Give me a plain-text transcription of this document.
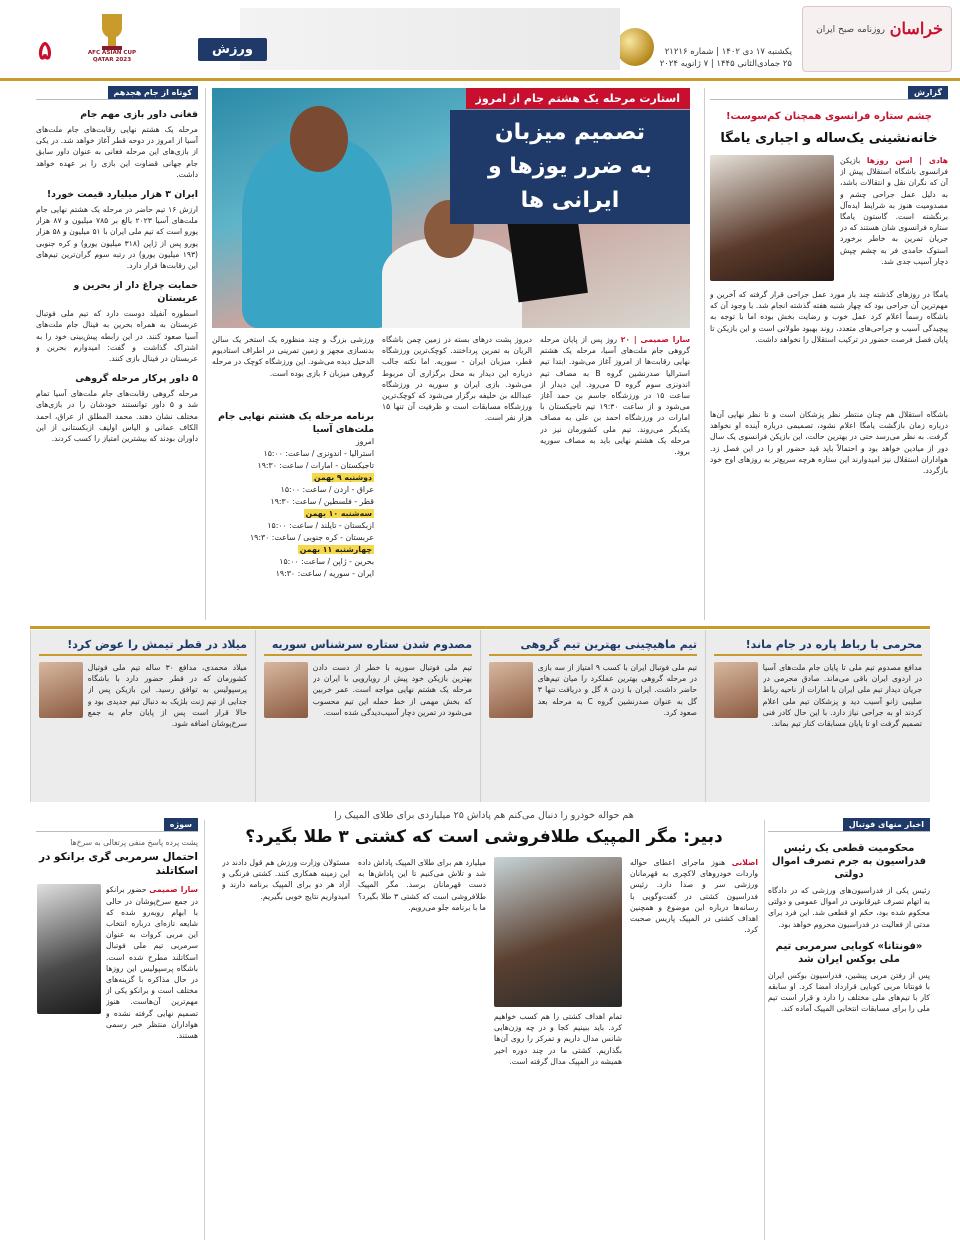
خراسان
روزنامه صبح ایران
یکشنبه ۱۷ دی ۱۴۰۲ | شماره ۲۱۲۱۶
۲۵ جمادی‌الثانی ۱۴۴۵ | ۷ ژانویه ۲۰۲۴
ورزش
AFC ASIAN CUP QATAR 2023
۵
گزارش
چشم ستاره فرانسوی همچنان کم‌سوست!
خانه‌نشینی یک‌ساله و اجباری یامگا
هادی | اسن روزها بازیکن فرانسوی باشگاه استقلال پیش از آن که نگران نقل و انتقالات باشد، به دلیل عمل جراحی چشم و مصدومیت هنوز به شرایط ایده‌آل برنگشته است. گاستون یامگا ستاره فرانسوی شان هستند که در جریان تمرین به خاطر برخورد استوک حامدی فر به چشم چپش دچار آسیب جدی شد.
یامگا در روزهای گذشته چند بار مورد عمل جراحی قرار گرفته که آخرین و مهم‌ترین آن جراحی بود که چهار شنبه هفته گذشته انجام شد. با وجود آن که باشگاه رسماً اعلام کرد عمل خوب و رضایت بخش بوده اما با توجه به پیچیدگی آسیب و جراحی‌های متعدد، روند بهبود طولانی است و این بازیکن تا پایان فصل فرصت حضور در ترکیب استقلال را نخواهد داشت.
باشگاه استقلال هم چنان منتظر نظر پزشکان است و تا نظر نهایی آن‌ها درباره زمان بازگشت یامگا اعلام نشود، تصمیمی درباره آینده او نخواهد گرفت. به نظر می‌رسد حتی در بهترین حالت، این بازیکن فرانسوی یک سال دور از میادین خواهد بود و احتمالاً باید قید حضور او را در این فصل زد. هواداران استقلال نیز امیدوارند این ستاره هرچه سریع‌تر به روزهای اوج خود بازگردد.
استارت مرحله یک هشتم جام از امروز
تصمیم میزبان
به ضرر یوزها و ایرانی ها
سارا صمیمی | ۲۰ روز پس از پایان مرحله گروهی جام ملت‌های آسیا، مرحله یک هشتم نهایی رقابت‌ها از امروز آغاز می‌شود. ابتدا تیم استرالیا صدرنشین گروه B به مصاف تیم اندونزی سوم گروه D می‌رود. این دیدار از ساعت ۱۵ در ورزشگاه جاسم بن حمد آغاز می‌شود و از ساعت ۱۹:۳۰ تیم تاجیکستان با امارات در ورزشگاه احمد بن علی به مصاف یکدیگر می‌روند. تیم ملی کشورمان نیز در مرحله یک هشتم نهایی باید به مصاف سوریه برود.
دیروز پشت درهای بسته در زمین چمن باشگاه الریان به تمرین پرداختند. کوچک‌ترین ورزشگاه قطر، میزبان ایران - سوریه. اما نکته جالب درباره این دیدار به محل برگزاری آن مربوط می‌شود. بازی ایران و سوریه در ورزشگاه عبدالله بن خلیفه برگزار می‌شود که کوچک‌ترین ورزشگاه مسابقات است و ظرفیت آن تنها ۱۵ هزار نفر است.
ورزشی بزرگ و چند منظوره یک استخر یک سالن بدنسازی مجهز و زمین تمرینی در اطراف استادیوم الدحیل دیده می‌شود. این ورزشگاه کوچک در مرحله گروهی میزبان ۶ بازی بوده است.
برنامه مرحله یک هشتم نهایی جام ملت‌های آسیا
امروز
استرالیا - اندونزی / ساعت: ۱۵:۰۰
تاجیکستان - امارات / ساعت: ۱۹:۳۰
دوشنبه ۹ بهمن
عراق - اردن / ساعت: ۱۵:۰۰
قطر - فلسطین / ساعت: ۱۹:۳۰
سه‌شنبه ۱۰ بهمن
ازبکستان - تایلند / ساعت: ۱۵:۰۰
عربستان - کره جنوبی / ساعت: ۱۹:۳۰
چهارشنبه ۱۱ بهمن
بحرین - ژاپن / ساعت: ۱۵:۰۰
ایران - سوریه / ساعت: ۱۹:۳۰
کوتاه از جام هجدهم
فغانی داور بازی مهم جام
مرحله یک هشتم نهایی رقابت‌های جام ملت‌های آسیا از امروز در دوحه قطر آغاز خواهد شد. در یکی از بازی‌های این مرحله فغانی به عنوان داور سابق جام جهانی قضاوت این بازی را بر عهده خواهد داشت.
ایران ۳ هزار میلیارد قیمت خورد!
ارزش ۱۶ تیم حاضر در مرحله یک هشتم نهایی جام ملت‌های آسیا ۲۰۲۳ بالغ بر ۷۸۵ میلیون و ۸۷ هزار یورو است که تیم ملی ایران با ۵۱ میلیون و ۵۸ هزار یورو پس از ژاپن (۳۱۸ میلیون یورو) و کره جنوبی (۱۹۳ میلیون یورو) در رتبه سوم گران‌ترین تیم‌های این رقابت‌ها قرار دارد.
حمایت چراغ دار از بحرین و عربستان
اسطوره آنفیلد دوست دارد که تیم ملی فوتبال عربستان به همراه بحرین به فینال جام ملت‌های آسیا صعود کنند. در این رابطه پیش‌بینی خود را به اشتراک گذاشت و گفت: امیدوارم بحرین و عربستان در فینال بازی کنند.
۵ داور پرکار مرحله گروهی
مرحله گروهی رقابت‌های جام ملت‌های آسیا تمام شد و ۵ داور توانستند خودشان را در بازی‌های مختلف نشان دهند. محمد المطلق از عراق، احمد الکاف عمانی و الیاس اولیف ازبکستانی از این داوران بودند که بیشترین امتیاز را کسب کردند.
محرمی با رباط پاره در جام ماند!
مدافع مصدوم تیم ملی تا پایان جام ملت‌های آسیا در اردوی ایران باقی می‌ماند. صادق محرمی در جریان دیدار تیم ملی ایران با امارات از ناحیه رباط صلیبی زانو آسیب دید و پزشکان تیم ملی اعلام کردند او به جراحی نیاز دارد. با این حال کادر فنی تصمیم گرفت او تا پایان مسابقات کنار تیم بماند.
تیم ماهیچینی بهترین تیم گروهی
تیم ملی فوتبال ایران با کسب ۹ امتیاز از سه بازی در مرحله گروهی بهترین عملکرد را میان تیم‌های حاضر داشت. ایران با زدن ۸ گل و دریافت تنها ۳ گل به عنوان صدرنشین گروه C به مرحله بعد صعود کرد.
مصدوم شدن ستاره سرشناس سوریه
تیم ملی فوتبال سوریه با خطر از دست دادن بهترین بازیکن خود پیش از رویارویی با ایران در مرحله یک هشتم نهایی مواجه است. عمر خربین که بخش مهمی از خط حمله این تیم محسوب می‌شود در تمرین دچار آسیب‌دیدگی شده است.
میلاد در قطر تیمش را عوض کرد!
میلاد محمدی، مدافع ۳۰ ساله تیم ملی فوتبال کشورمان که در قطر حضور دارد با باشگاه پرسپولیس به توافق رسید. این بازیکن پس از جدایی از تیم ژنت بلژیک به دنبال تیم جدیدی بود و حالا قرار است پس از پایان جام به جمع سرخ‌پوشان اضافه شود.
اخبار منهای فوتبال
محکومیت قطعی یک رئیس فدراسیون به جرم تصرف اموال دولتی
رئیس یکی از فدراسیون‌های ورزشی که در دادگاه به اتهام تصرف غیرقانونی در اموال عمومی و دولتی محکوم شده بود، حکم او قطعی شد. این فرد برای مدتی از فعالیت در فدراسیون محروم خواهد بود.
«فونتانا» کوبایی سرمربی تیم ملی بوکس ایران شد
پس از رفتن مربی پیشین، فدراسیون بوکس ایران با فونتانا مربی کوبایی قرارداد امضا کرد. او سابقه کار با تیم‌های ملی مختلف را دارد و قرار است تیم ملی را برای مسابقات انتخابی المپیک آماده کند.
هم حواله خودرو را دنبال می‌کنم هم پاداش ۲۵ میلیاردی برای طلای المپیک را
دبیر: مگر المپیک طلافروشی است که کشتی ۳ طلا بگیرد؟
اصلانی هنوز ماجرای اعطای حواله واردات خودروهای لاکچری به قهرمانان ورزشی سر و صدا دارد. رئیس فدراسیون کشتی در گفت‌وگویی با رسانه‌ها درباره این موضوع و همچنین اهداف کشتی در المپیک پاریس صحبت کرد.
تمام اهداف کشتی را هم کسب خواهیم کرد. باید ببینیم کجا و در چه وزن‌هایی شانس مدال داریم و تمرکز را روی آن‌ها بگذاریم. کشتی ما در چند دوره اخیر همیشه در المپیک مدال گرفته است.
میلیارد هم برای طلای المپیک پاداش داده شد و تلاش می‌کنیم تا این پاداش‌ها به دست قهرمانان برسد. مگر المپیک طلافروشی است که کشتی ۳ طلا بگیرد؟ ما با برنامه جلو می‌رویم.
مسئولان وزارت ورزش هم قول دادند در این زمینه همکاری کنند. کشتی فرنگی و آزاد هر دو برای المپیک برنامه دارند و امیدواریم نتایج خوبی بگیریم.
سوژه
پشت پرده پاسخ منفی پرتغالی به سرخ‌ها
احتمال سرمربی گری برانکو در اسکاتلند
سارا صمیمی حضور برانکو در جمع سرخ‌پوشان در حالی با ابهام روبه‌رو شده که شایعه تازه‌ای درباره انتخاب این مربی کروات به عنوان سرمربی تیم ملی فوتبال اسکاتلند مطرح شده است. باشگاه پرسپولیس این روزها در حال مذاکره با گزینه‌های مختلف است و برانکو یکی از مهم‌ترین آن‌هاست. هنوز تصمیم نهایی گرفته نشده و هواداران منتظر خبر رسمی هستند.
